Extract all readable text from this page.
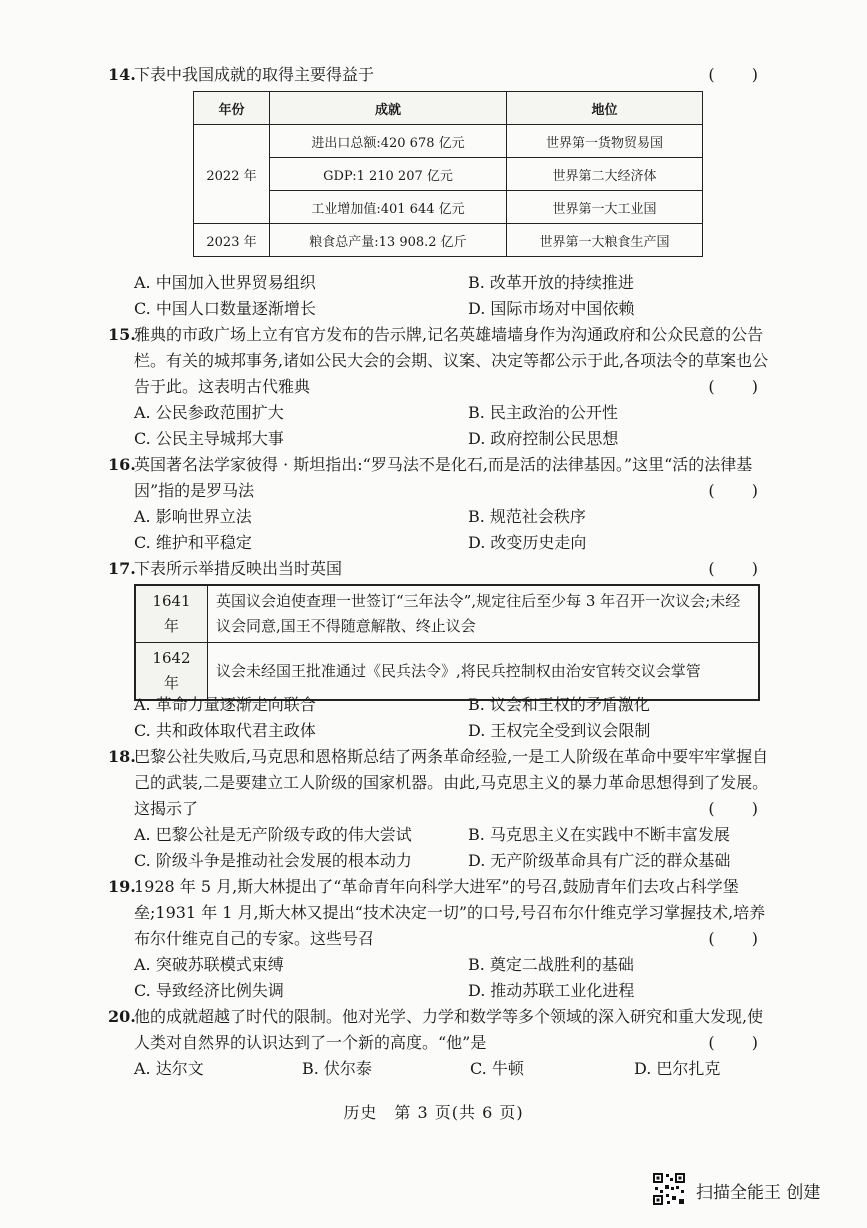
14.
下表中我国成就的取得主要得益于	( )
年份	成就	地位
2022 年	进出口总额:420 678 亿元	世界第一货物贸易国
	GDP:1 210 207 亿元	世界第二大经济体
	工业增加值:401 644 亿元	世界第一大工业国
2023 年	粮食总产量:13 908.2 亿斤	世界第一大粮食生产国
A. 中国加入世界贸易组织	B. 改革开放的持续推进
C. 中国人口数量逐渐增长	D. 国际市场对中国依赖
15.
雅典的市政广场上立有官方发布的告示牌,记名英雄墙墙身作为沟通政府和公众民意的公告栏。有关的城邦事务,诸如公民大会的会期、议案、决定等都公示于此,各项法令的草案也公告于此。这表明古代雅典	( )
A. 公民参政范围扩大	B. 民主政治的公开性
C. 公民主导城邦大事	D. 政府控制公民思想
16.
英国著名法学家彼得 · 斯坦指出:“罗马法不是化石,而是活的法律基因。”这里“活的法律基因”指的是罗马法	( )
A. 影响世界立法	B. 规范社会秩序
C. 维护和平稳定	D. 改变历史走向
17.
下表所示举措反映出当时英国	( )
1641 年	英国议会迫使查理一世签订“三年法令”,规定往后至少每 3 年召开一次议会;未经议会同意,国王不得随意解散、终止议会
1642 年	议会未经国王批准通过《民兵法令》,将民兵控制权由治安官转交议会掌管
A. 革命力量逐渐走向联合	B. 议会和王权的矛盾激化
C. 共和政体取代君主政体	D. 王权完全受到议会限制
18.
巴黎公社失败后,马克思和恩格斯总结了两条革命经验,一是工人阶级在革命中要牢牢掌握自己的武装,二是要建立工人阶级的国家机器。由此,马克思主义的暴力革命思想得到了发展。这揭示了	( )
A. 巴黎公社是无产阶级专政的伟大尝试	B. 马克思主义在实践中不断丰富发展
C. 阶级斗争是推动社会发展的根本动力	D. 无产阶级革命具有广泛的群众基础
19.
1928 年 5 月,斯大林提出了“革命青年向科学大进军”的号召,鼓励青年们去攻占科学堡垒;1931 年 1 月,斯大林又提出“技术决定一切”的口号,号召布尔什维克学习掌握技术,培养布尔什维克自己的专家。这些号召	( )
A. 突破苏联模式束缚	B. 奠定二战胜利的基础
C. 导致经济比例失调	D. 推动苏联工业化进程
20.
他的成就超越了时代的限制。他对光学、力学和数学等多个领域的深入研究和重大发现,使人类对自然界的认识达到了一个新的高度。“他”是	( )
A. 达尔文	B. 伏尔泰	C. 牛顿	D. 巴尔扎克
历史　第 3 页(共 6 页)
扫描全能王 创建
